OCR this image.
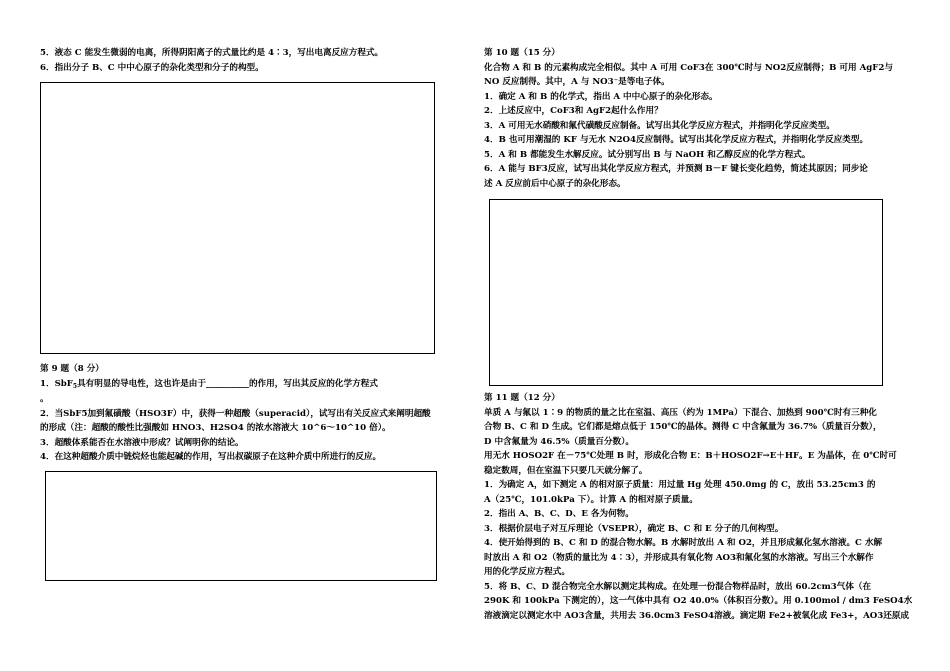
5．液态 C 能发生微弱的电离，所得阴阳离子的式量比约是 4∶3，写出电离反应方程式。
6．指出分子 B、C 中中心原子的杂化类型和分子的构型。
第 9 题（8 分）
1．SbF$_5$具有明显的导电性，这也许是由于__________的作用，写出其反应的化学方程式
。
2．当SbF5加到氟磺酸（HSO3F）中，获得一种超酸（superacid），试写出有关反应式来阐明超酸
的形成（注：超酸的酸性比强酸如 HNO3、H2SO4 的浓水溶液大 10^6～10^10 倍）。
3．超酸体系能否在水溶液中形成？试阐明你的结论。
4．在这种超酸介质中链烷烃也能起碱的作用，写出叔碳原子在这种介质中所进行的反应。
第 10 题（15 分）
化合物 A 和 B 的元素构成完全相似。其中 A 可用 CoF3在 300℃时与 NO2反应制得；B 可用 AgF2与
NO 反应制得。其中，A 与 NO3⁻是等电子体。
1．确定 A 和 B 的化学式，指出 A 中中心原子的杂化形态。
2．上述反应中，CoF3和 AgF2起什么作用？
3．A 可用无水硝酸和氟代磺酸反应制备。试写出其化学反应方程式，并指明化学反应类型。
4．B 也可用潮湿的 KF 与无水 N2O4反应制得。试写出其化学反应方程式，并指明化学反应类型。
5．A 和 B 都能发生水解反应。试分别写出 B 与 NaOH 和乙醇反应的化学方程式。
6．A 能与 BF3反应，试写出其化学反应方程式，并预测 B－F 键长变化趋势，简述其原因；同步论
述 A 反应前后中心原子的杂化形态。
第 11 题（12 分）
单质 A 与氟以 1∶9 的物质的量之比在室温、高压（约为 1MPa）下混合、加热到 900℃时有三种化
合物 B、C 和 D 生成。它们都是熔点低于 150℃的晶体。测得 C 中含氟量为 36.7%（质量百分数），
D 中含氟量为 46.5%（质量百分数）。
用无水 HOSO2F 在－75℃处理 B 时，形成化合物 E：B＋HOSO2F→E＋HF。E 为晶体，在 0℃时可
稳定数周，但在室温下只要几天就分解了。
1．为确定 A，如下测定 A 的相对原子质量：用过量 Hg 处理 450.0mg 的 C，放出 53.25cm3 的
A（25℃，101.0kPa 下）。计算 A 的相对原子质量。
2．指出 A、B、C、D、E 各为何物。
3．根据价层电子对互斥理论（VSEPR），确定 B、C 和 E 分子的几何构型。
4．使开始得到的 B、C 和 D 的混合物水解。B 水解时放出 A 和 O2，并且形成氟化氢水溶液。C 水解
时放出 A 和 O2（物质的量比为 4∶3），并形成具有氧化物 AO3和氟化氢的水溶液。写出三个水解作
用的化学反应方程式。
5．将 B、C、D 混合物完全水解以测定其构成。在处理一份混合物样品时，放出 60.2cm3气体（在
290K 和 100kPa 下测定的），这一气体中具有 O2 40.0%（体积百分数）。用 0.100mol / dm3 FeSO4水
溶液滴定以测定水中 AO3含量，共用去 36.0cm3 FeSO4溶液。滴定期 Fe2+被氧化成 Fe3+，AO3还原成
